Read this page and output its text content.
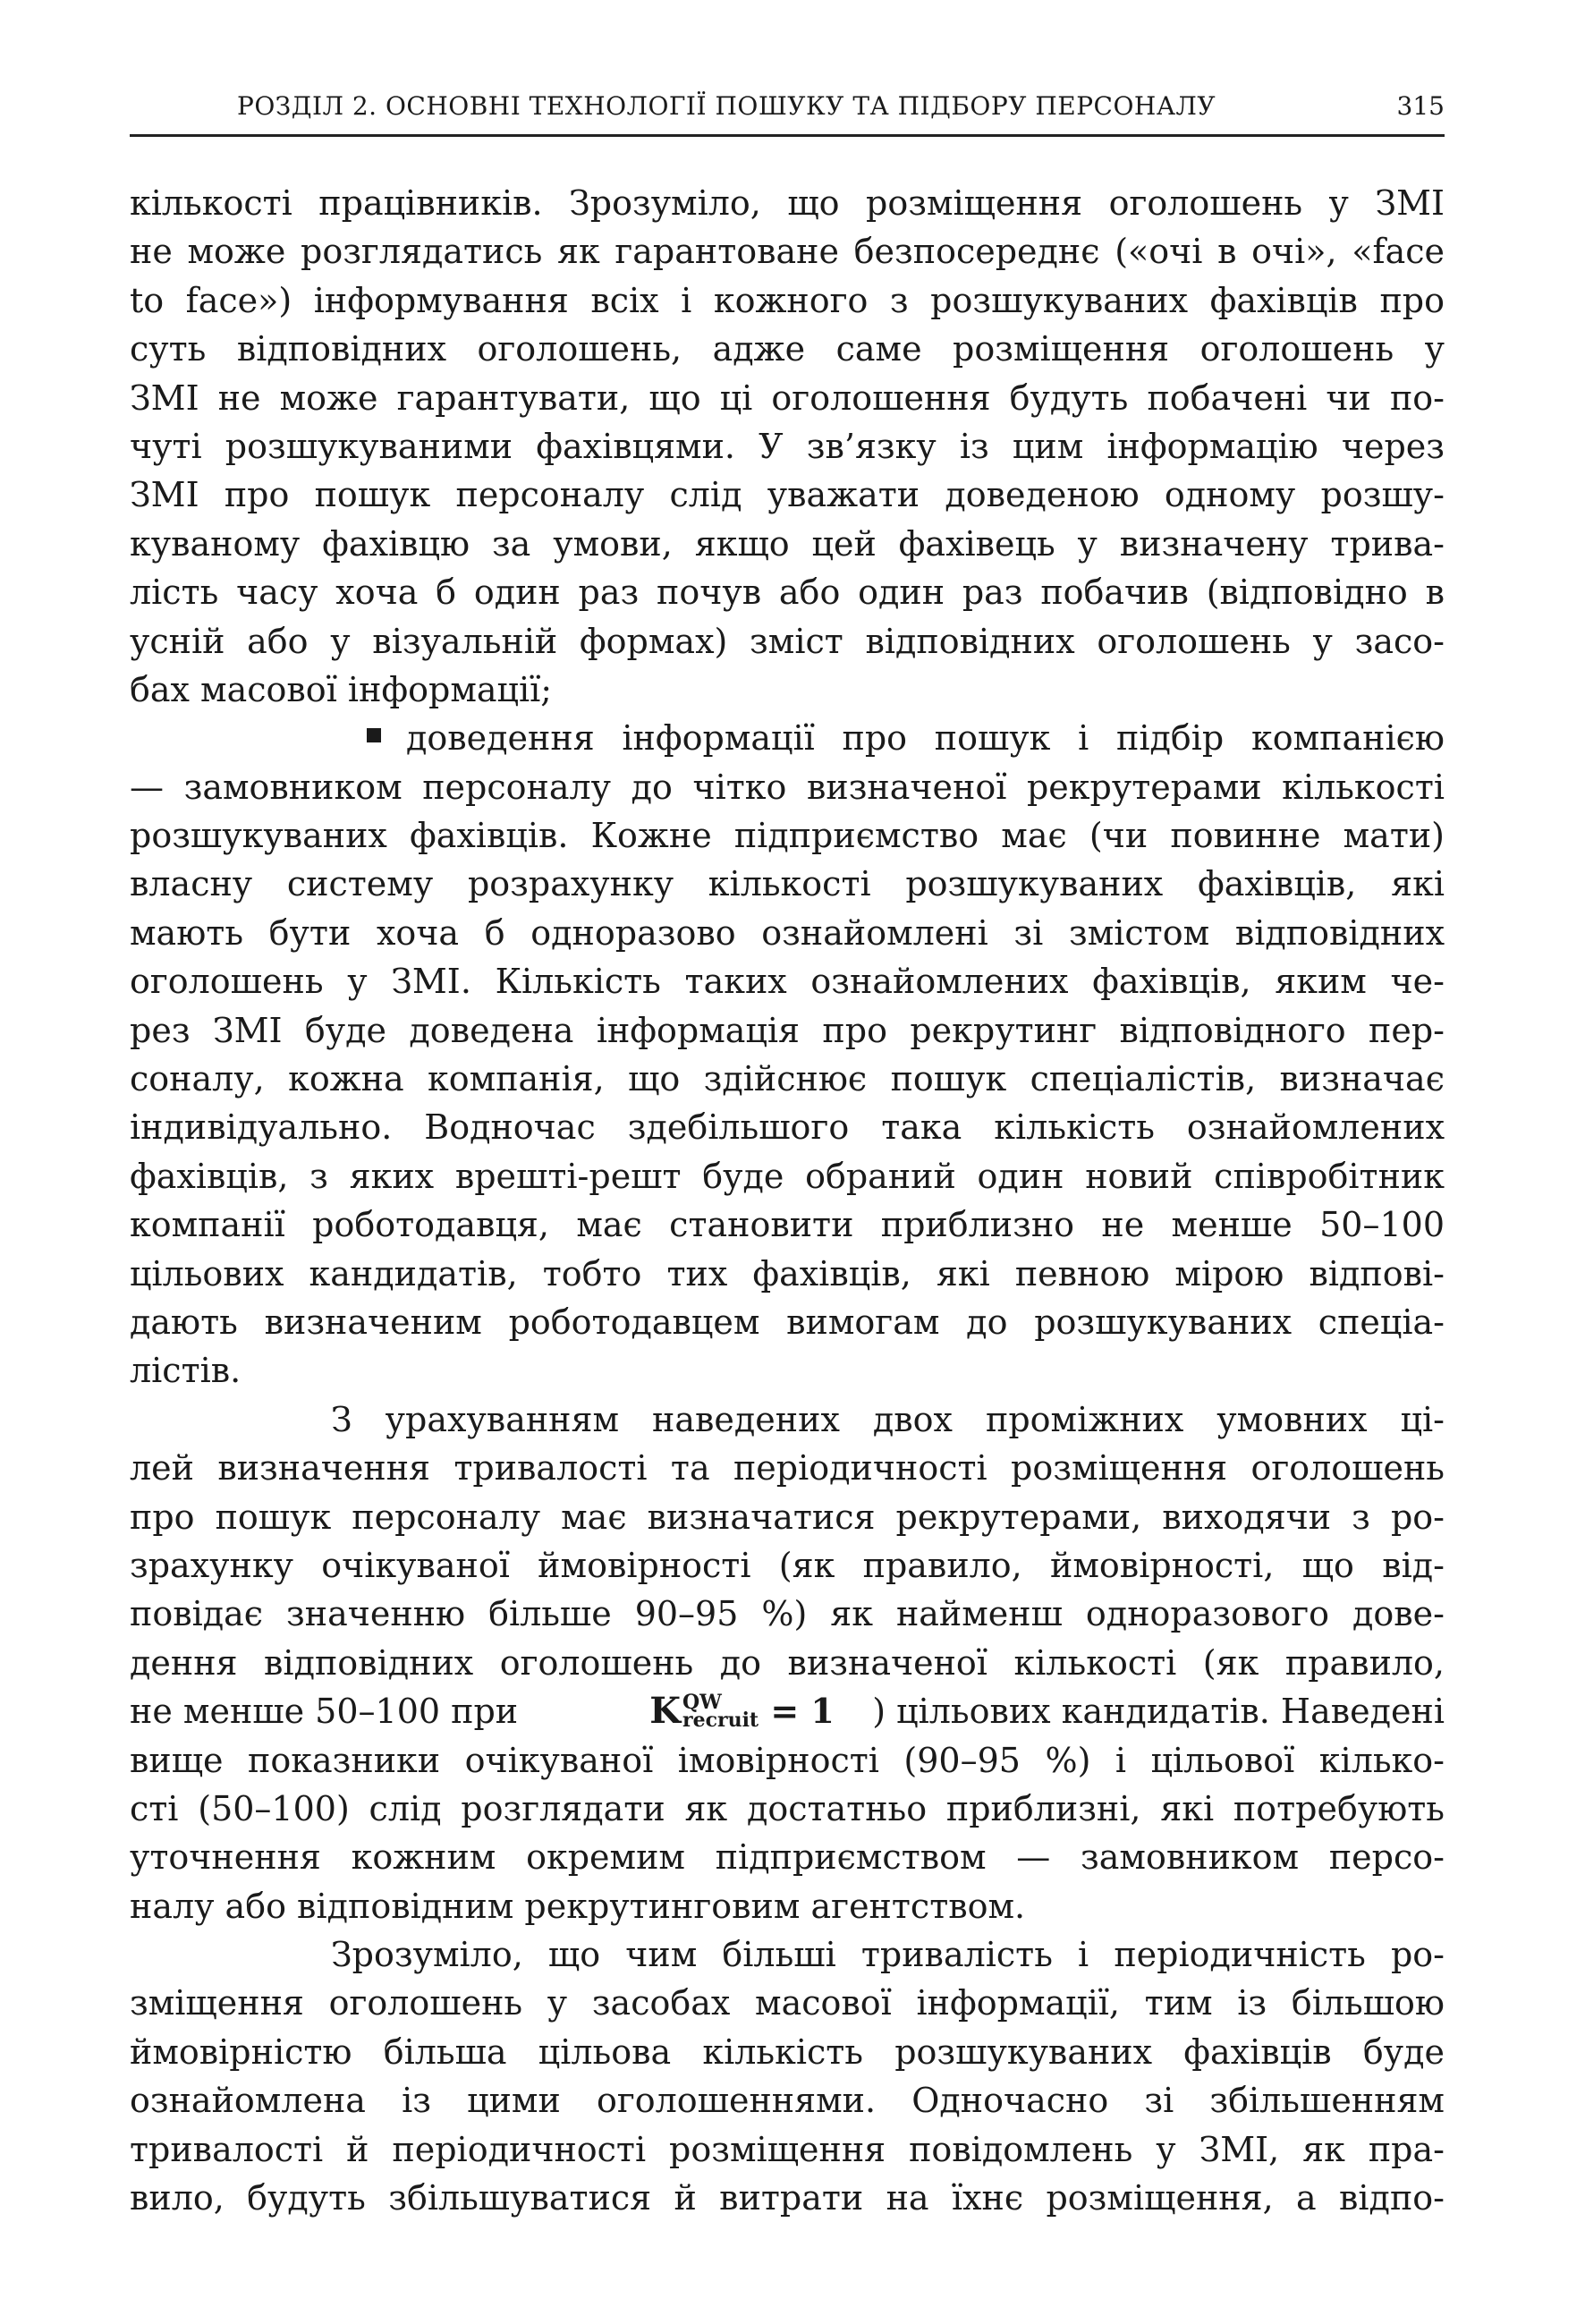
РОЗДІЛ 2. ОСНОВНІ ТЕХНОЛОГІЇ ПОШУКУ ТА ПІДБОРУ ПЕРСОНАЛУ	315
кількості працівників. Зрозуміло, що розміщення оголошень у ЗМІ
не може розглядатись як гарантоване безпосереднє («очі в очі», «face
to face») інформування всіх і кожного з розшукуваних фахівців про
суть відповідних оголошень, адже саме розміщення оголошень у
ЗМІ не може гарантувати, що ці оголошення будуть побачені чи по-
чуті розшукуваними фахівцями. У зв’язку із цим інформацію через
ЗМІ про пошук персоналу слід уважати доведеною одному розшу-
куваному фахівцю за умови, якщо цей фахівець у визначену трива-
лість часу хоча б один раз почув або один раз побачив (відповідно в
усній або у візуальній формах) зміст відповідних оголошень у засо-
бах масової інформації;
доведення інформації про пошук і підбір компанією
— замовником персоналу до чітко визначеної рекрутерами кількості
розшукуваних фахівців. Кожне підприємство має (чи повинне мати)
власну систему розрахунку кількості розшукуваних фахівців, які
мають бути хоча б одноразово ознайомлені зі змістом відповідних
оголошень у ЗМІ. Кількість таких ознайомлених фахівців, яким че-
рез ЗМІ буде доведена інформація про рекрутинг відповідного пер-
соналу, кожна компанія, що здійснює пошук спеціалістів, визначає
індивідуально. Водночас здебільшого така кількість ознайомлених
фахівців, з яких врешті-решт буде обраний один новий співробітник
компанії роботодавця, має становити приблизно не менше 50–100
цільових кандидатів, тобто тих фахівців, які певною мірою відпові-
дають визначеним роботодавцем вимогам до розшукуваних спеціа-
лістів.
З урахуванням наведених двох проміжних умовних ці-
лей визначення тривалості та періодичності розміщення оголошень
про пошук персоналу має визначатися рекрутерами, виходячи з ро-
зрахунку очікуваної ймовірності (як правило, ймовірності, що від-
повідає значенню більше 90–95 %) як найменш одноразового дове-
дення відповідних оголошень до визначеної кількості (як правило,
не менше 50–100 при	K QW
recruit = 1
) цільових кандидатів. Наведені
вище показники очікуваної імовірності (90–95 %) і цільової кілько-
сті (50–100) слід розглядати як достатньо приблизні, які потребують
уточнення кожним окремим підприємством — замовником персо-
налу або відповідним рекрутинговим агентством.
Зрозуміло, що чим більші тривалість і періодичність ро-
зміщення оголошень у засобах масової інформації, тим із більшою
ймовірністю більша цільова кількість розшукуваних фахівців буде
ознайомлена із цими оголошеннями. Одночасно зі збільшенням
тривалості й періодичності розміщення повідомлень у ЗМІ, як пра-
вило, будуть збільшуватися й витрати на їхнє розміщення, а відпо-
